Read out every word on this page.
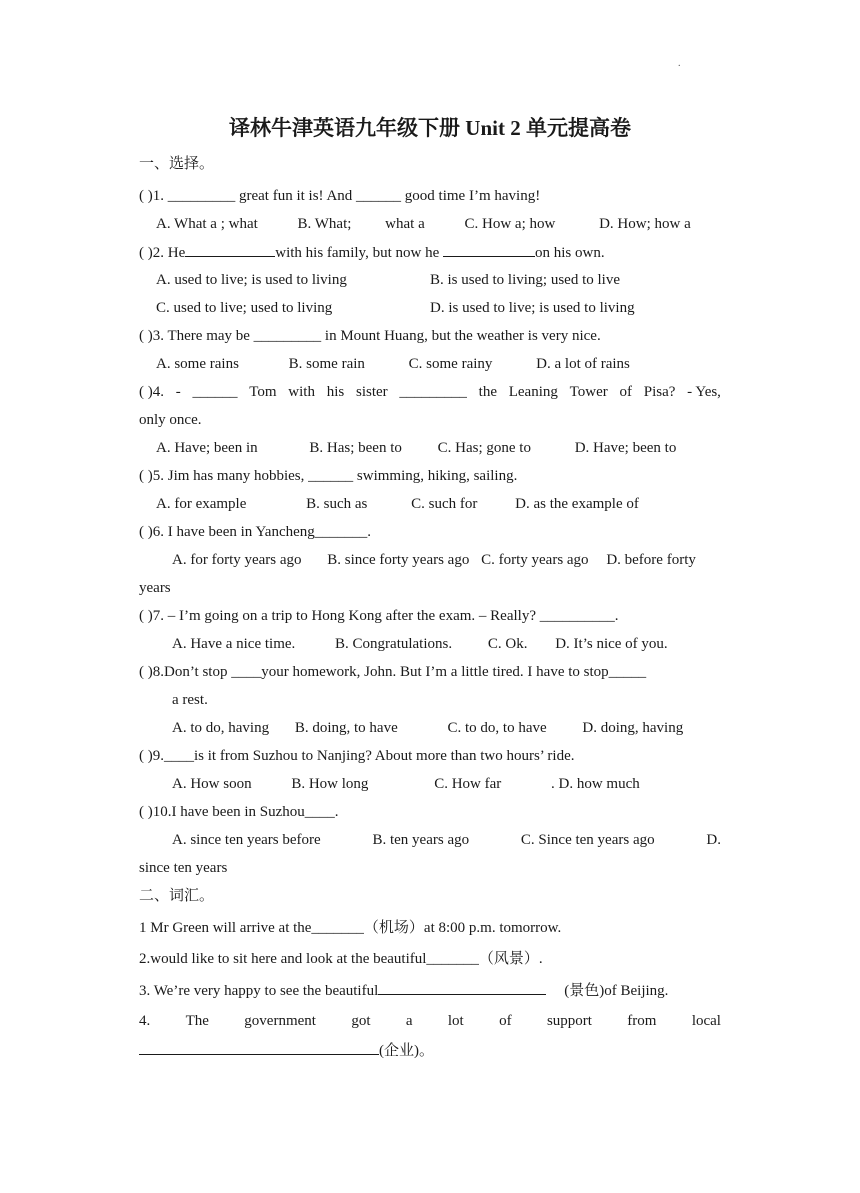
.
译林牛津英语九年级下册 Unit 2 单元提高卷
一、选择。
( )1. _________ great fun it is! And ______ good time I’m having!
A. What a ; what	B. What; what a	C. How a; how	D. How; how a
( )2. He	with his family, but now he	on his own.
A. used to live; is used to living	B. is used to living; used to live
C. used to live; used to living	D. is used to live; is used to living
( )3. There may be _________ in Mount Huang, but the weather is very nice.
A. some rains	B. some rain	C. some rainy	D. a lot of rains
( )4. - ______ Tom with his sister _________ the Leaning Tower of Pisa? - Yes,
only once.
A. Have; been in	B. Has; been to C. Has; gone to	D. Have; been to
( )5. Jim has many hobbies, ______ swimming, hiking, sailing.
A. for example	B. such as	C. such for	D. as the example of
( )6. I have been in Yancheng_______.
A. for forty years ago B. since forty years ago C. forty years ago D. before forty
years
( )7. – I’m going on a trip to Hong Kong after the exam. – Really? __________.
A. Have a nice time.	B. Congratulations. C. Ok. D. It’s nice of you.
( )8.Don’t stop ____your homework, John. But I’m a little tired. I have to stop_____
a rest.
A. to do, having B. doing, to have	C. to do, to have D. doing, having
( )9.____is it from Suzhou to Nanjing? About more than two hours’ ride.
A. How soon	B. How long	C. How far	. D. how much
( )10.I have been in Suzhou____.
A. since ten years before	B. ten years ago	C. Since ten years ago	D.
since ten years
二、词汇。
1 Mr Green will arrive at the_______（机场）at 8:00 p.m. tomorrow.
2.would like to sit here and look at the beautiful_______（风景）.
3. We’re very happy to see the beautiful	(景色)of Beijing.
4. The government got a lot of support from local
(企业)。
